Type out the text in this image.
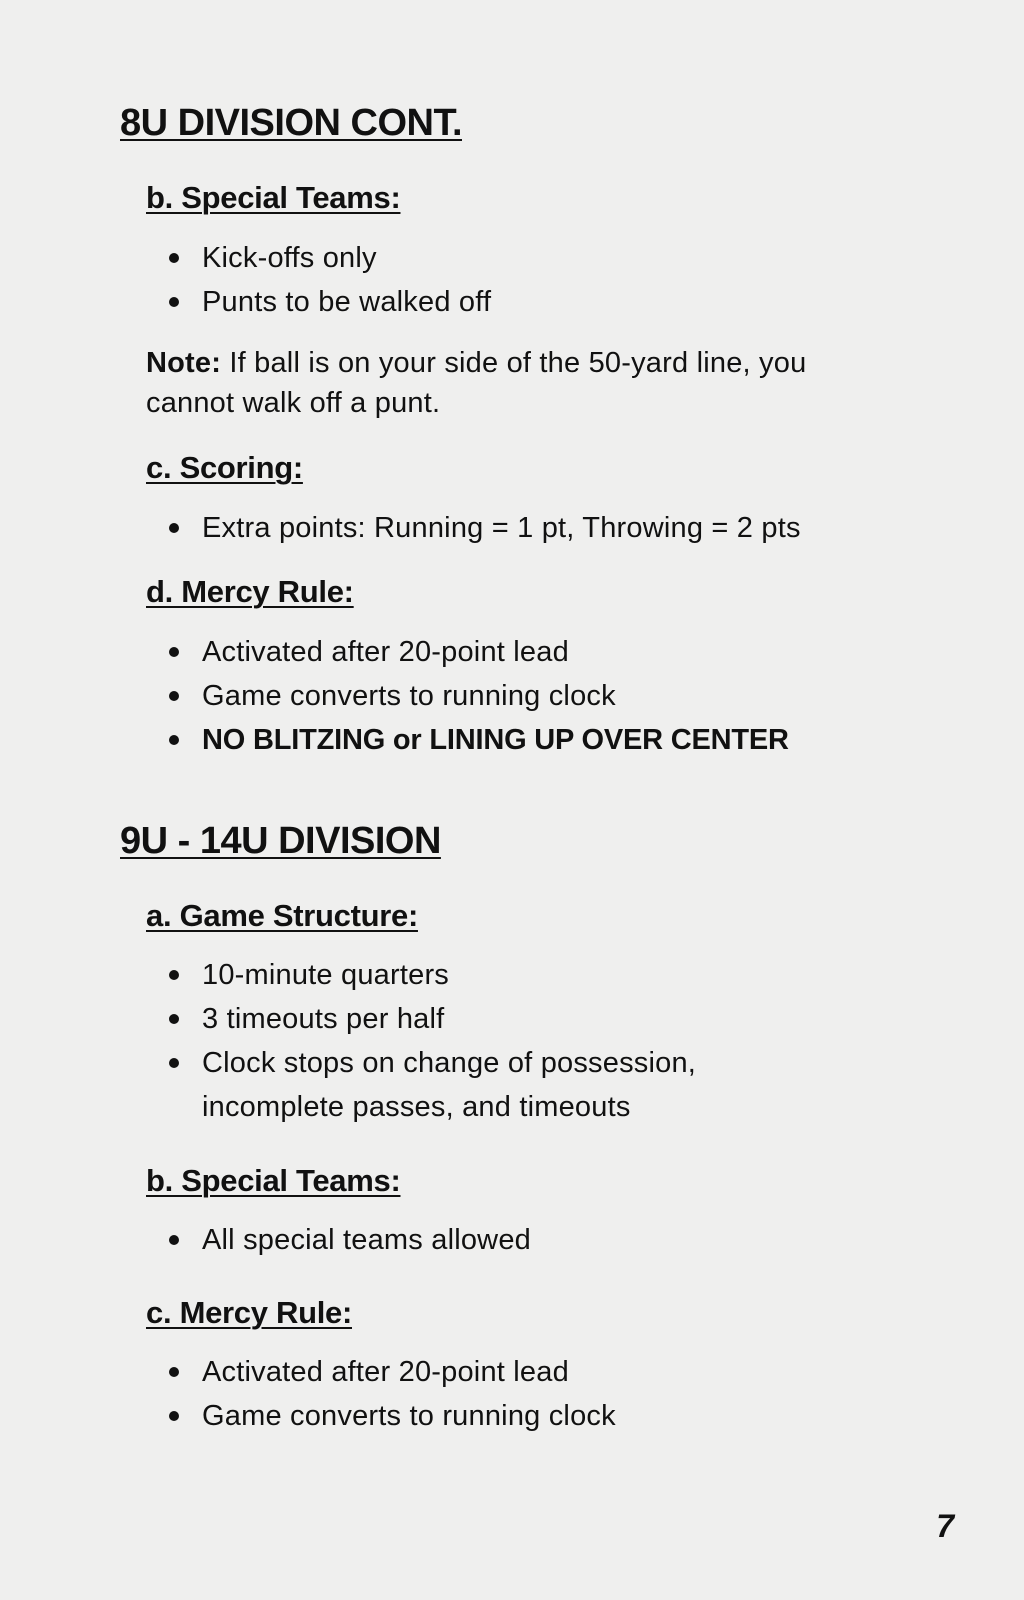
8U DIVISION CONT.
b. Special Teams:
Kick-offs only
Punts to be walked off

Note: If ball is on your side of the 50-yard line, you cannot walk off a punt.

c. Scoring:
Extra points: Running = 1 pt, Throwing = 2 pts
d. Mercy Rule:
Activated after 20-point lead
Game converts to running clock
NO BLITZING or LINING UP OVER CENTER
9U - 14U DIVISION
a. Game Structure:
10-minute quarters
3 timeouts per half
Clock stops on change of possession, incomplete passes, and timeouts
b. Special Teams:
All special teams allowed
c. Mercy Rule:
Activated after 20-point lead
Game converts to running clock
7
